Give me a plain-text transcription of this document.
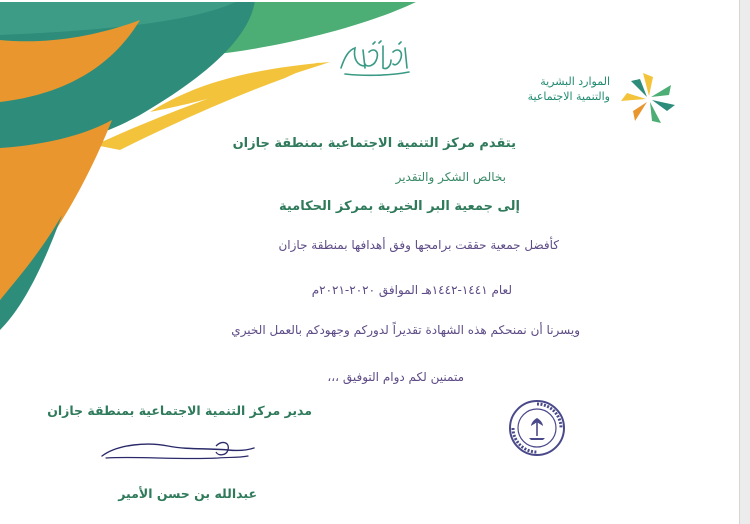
الموارد البشرية
والتنمية الاجتماعية
يتقدم مركز التنمية الاجتماعية بمنطقة جازان
بخالص الشكر والتقدير
إلى جمعية البر الخيرية بمركز الحكامية
كأفضل جمعية حققت برامجها وفق أهدافها بمنطقة جازان
لعام ١٤٤١-١٤٤٢هـ الموافق ٢٠٢٠-٢٠٢١م
ويسرنا أن نمنحكم هذه الشهادة تقديراً لدوركم وجهودكم بالعمل الخيري
متمنين لكم دوام التوفيق ،،،
مدير مركز التنمية الاجتماعية بمنطقة جازان
عبدالله بن حسن الأمير
